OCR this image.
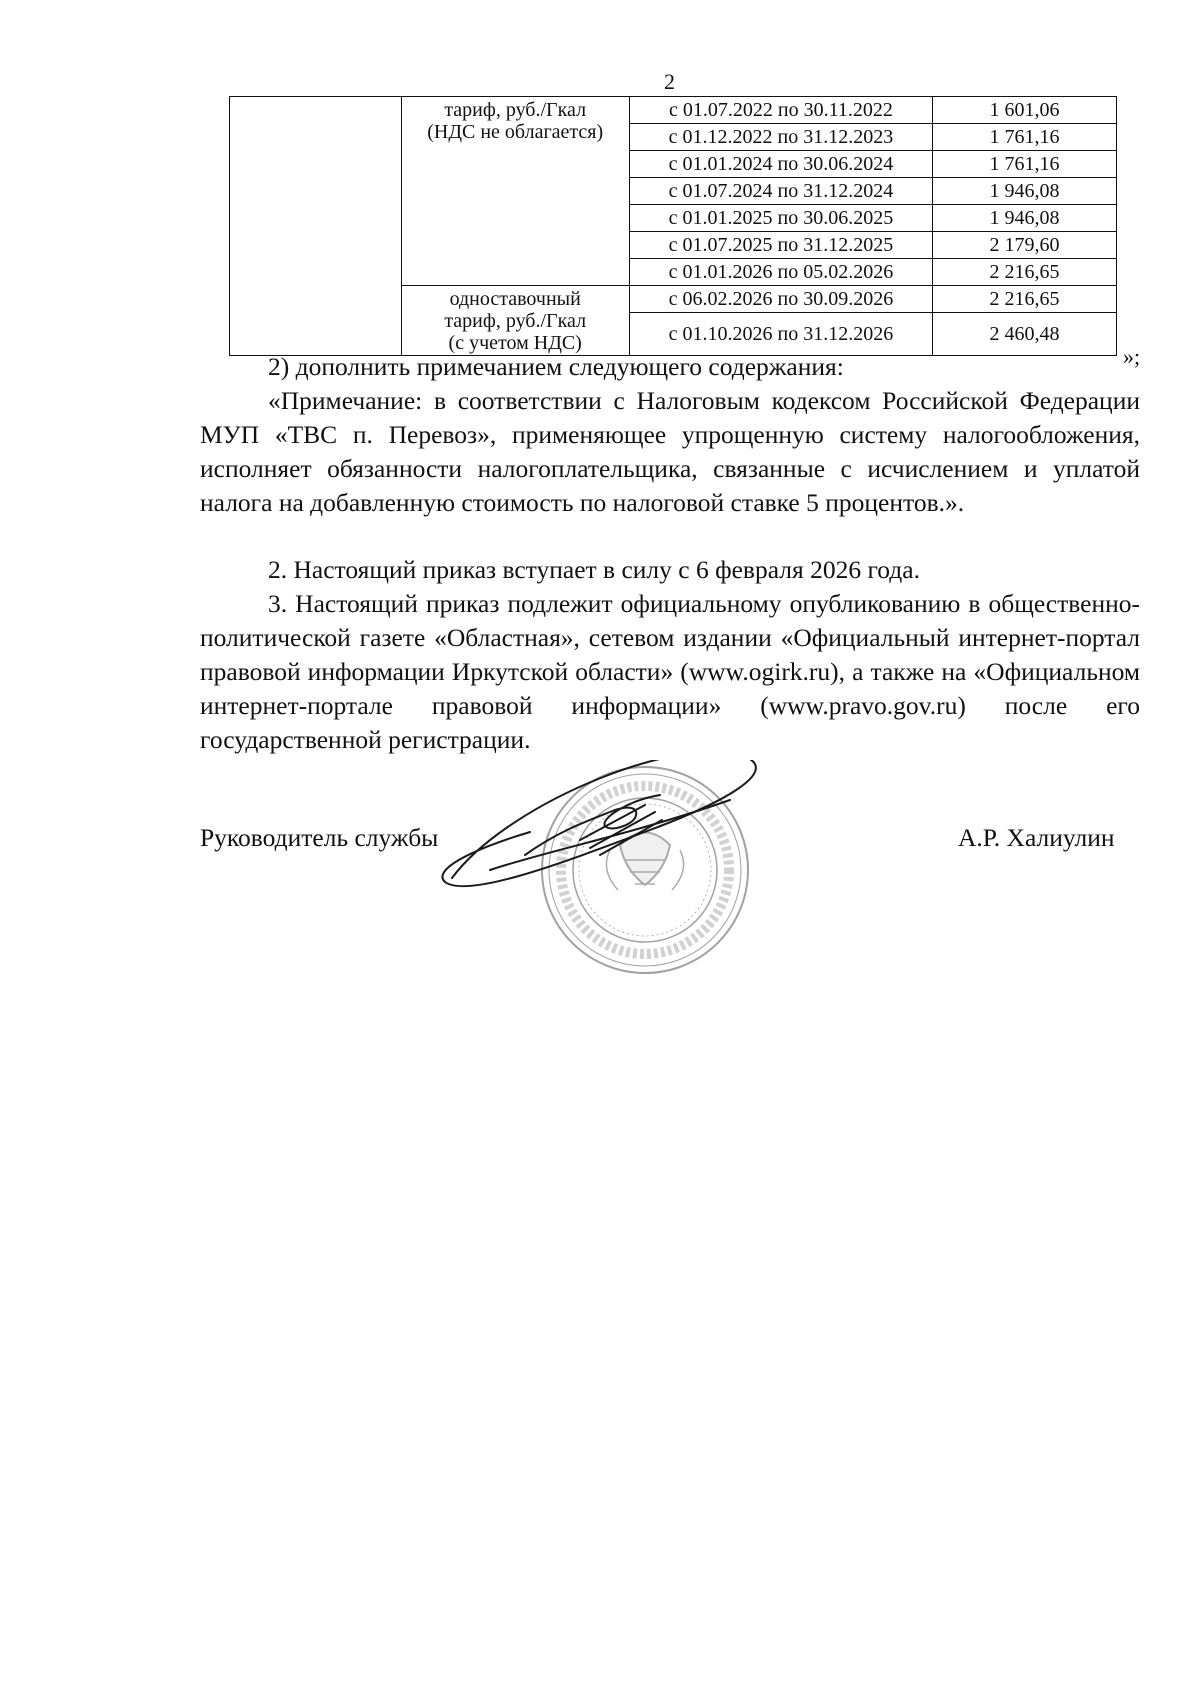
2
	тариф, руб./Гкал
(НДС не облагается)	с 01.07.2022 по 30.11.2022	1 601,06
		с 01.12.2022 по 31.12.2023	1 761,16
		с 01.01.2024 по 30.06.2024	1 761,16
		с 01.07.2024 по 31.12.2024	1 946,08
		с 01.01.2025 по 30.06.2025	1 946,08
		с 01.07.2025 по 31.12.2025	2 179,60
		с 01.01.2026 по 05.02.2026	2 216,65
	одноставочный
тариф, руб./Гкал
(с учетом НДС)	с 06.02.2026 по 30.09.2026	2 216,65
		с 01.10.2026 по 31.12.2026	2 460,48
»;
2) дополнить примечанием следующего содержания:
«Примечание: в соответствии с Налоговым кодексом Российской Федерации МУП «ТВС п. Перевоз», применяющее упрощенную систему налогообложения, исполняет обязанности налогоплательщика, связанные с исчислением и уплатой налога на добавленную стоимость по налоговой ставке 5 процентов.».
2. Настоящий приказ вступает в силу с 6 февраля 2026 года.
3. Настоящий приказ подлежит официальному опубликованию в общественно-политической газете «Областная», сетевом издании «Официальный интернет-портал правовой информации Иркутской области» (www.ogirk.ru), а также на «Официальном интернет-портале правовой информации» (www.pravo.gov.ru) после его государственной регистрации.
Руководитель службы	А.Р. Халиулин
